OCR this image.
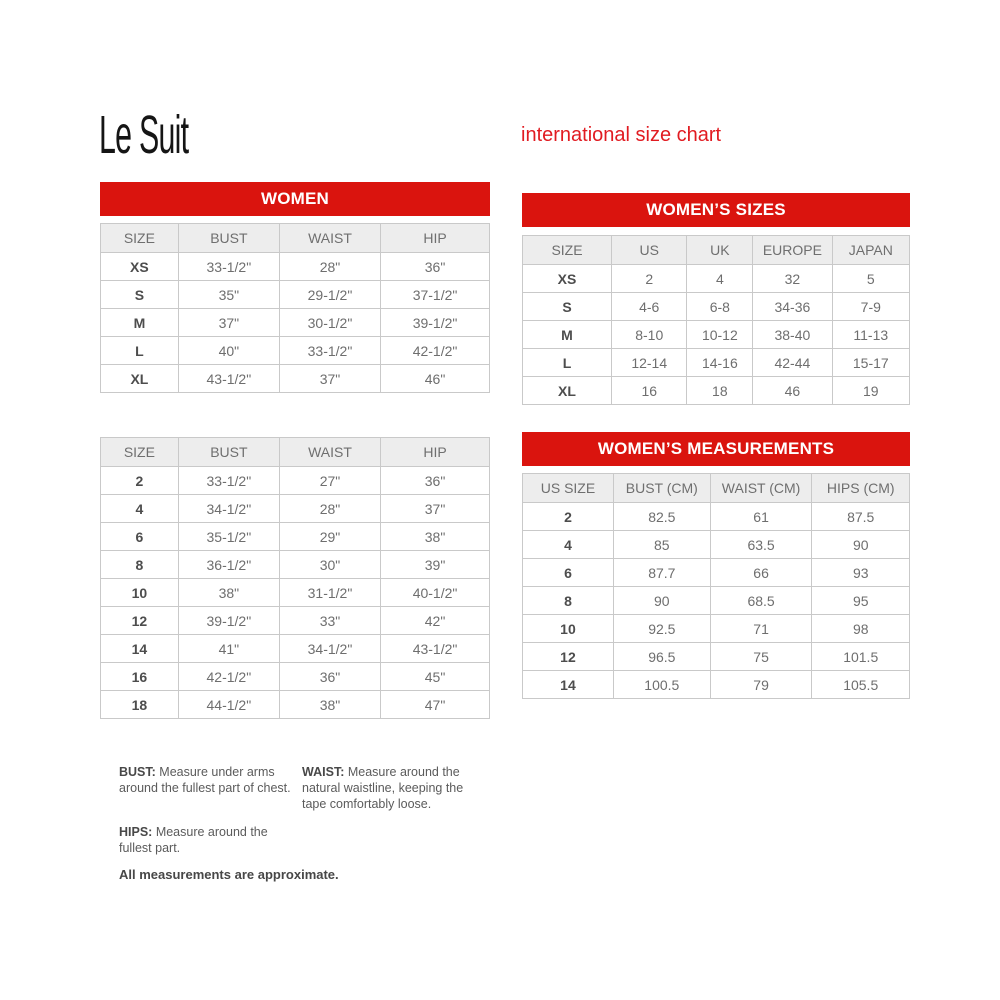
Le Suit	international size chart
WOMEN
SIZE	BUST	WAIST	HIP
XS	33-1/2"	28"	36"
S	35"	29-1/2"	37-1/2"
M	37"	30-1/2"	39-1/2"
L	40"	33-1/2"	42-1/2"
XL	43-1/2"	37"	46"
SIZE	BUST	WAIST	HIP
2	33-1/2"	27"	36"
4	34-1/2"	28"	37"
6	35-1/2"	29"	38"
8	36-1/2"	30"	39"
10	38"	31-1/2"	40-1/2"
12	39-1/2"	33"	42"
14	41"	34-1/2"	43-1/2"
16	42-1/2"	36"	45"
18	44-1/2"	38"	47"
WOMEN’S SIZES
SIZE	US	UK	EUROPE	JAPAN
XS	2	4	32	5
S	4-6	6-8	34-36	7-9
M	8-10	10-12	38-40	11-13
L	12-14	14-16	42-44	15-17
XL	16	18	46	19
WOMEN’S MEASUREMENTS
US SIZE	BUST (CM)	WAIST (CM)	HIPS (CM)
2	82.5	61	87.5
4	85	63.5	90
6	87.7	66	93
8	90	68.5	95
10	92.5	71	98
12	96.5	75	101.5
14	100.5	79	105.5

BUST: Measure under arms around the fullest part of chest.

WAIST: Measure around the natural waistline, keeping the tape comfortably loose.

HIPS: Measure around the fullest part.

All measurements are approximate.
